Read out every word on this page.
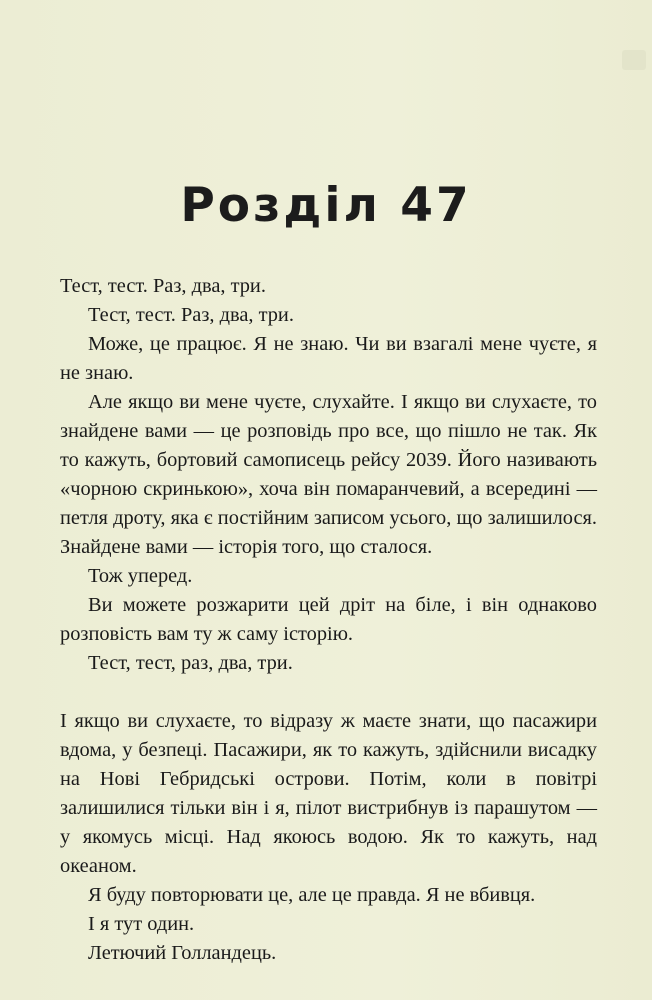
Розділ 47

Тест, тест. Раз, два, три.

Тест, тест. Раз, два, три.

Може, це працює. Я не знаю. Чи ви взагалі мене чуєте, я не знаю.

Але якщо ви мене чуєте, слухайте. І якщо ви слухаєте, то знайдене вами — це розповідь про все, що пішло не так. Як то кажуть, бортовий самописець рейсу 2039. Його називають «чорною скринькою», хоча він помаранчевий, а всередині — петля дроту, яка є постійним записом усього, що залишилося. Знайдене вами — історія того, що сталося.

Тож уперед.

Ви можете розжарити цей дріт на біле, і він однаково розповість вам ту ж саму історію.

Тест, тест, раз, два, три.

І якщо ви слухаєте, то відразу ж маєте знати, що пасажири вдома, у безпеці. Пасажири, як то кажуть, здійснили висадку на Нові Гебридські острови. Потім, коли в повітрі залишилися тільки він і я, пілот вистрибнув із парашутом — у якомусь місці. Над якоюсь водою. Як то кажуть, над океаном.

Я буду повторювати це, але це правда. Я не вбивця.

І я тут один.

Летючий Голландець.
